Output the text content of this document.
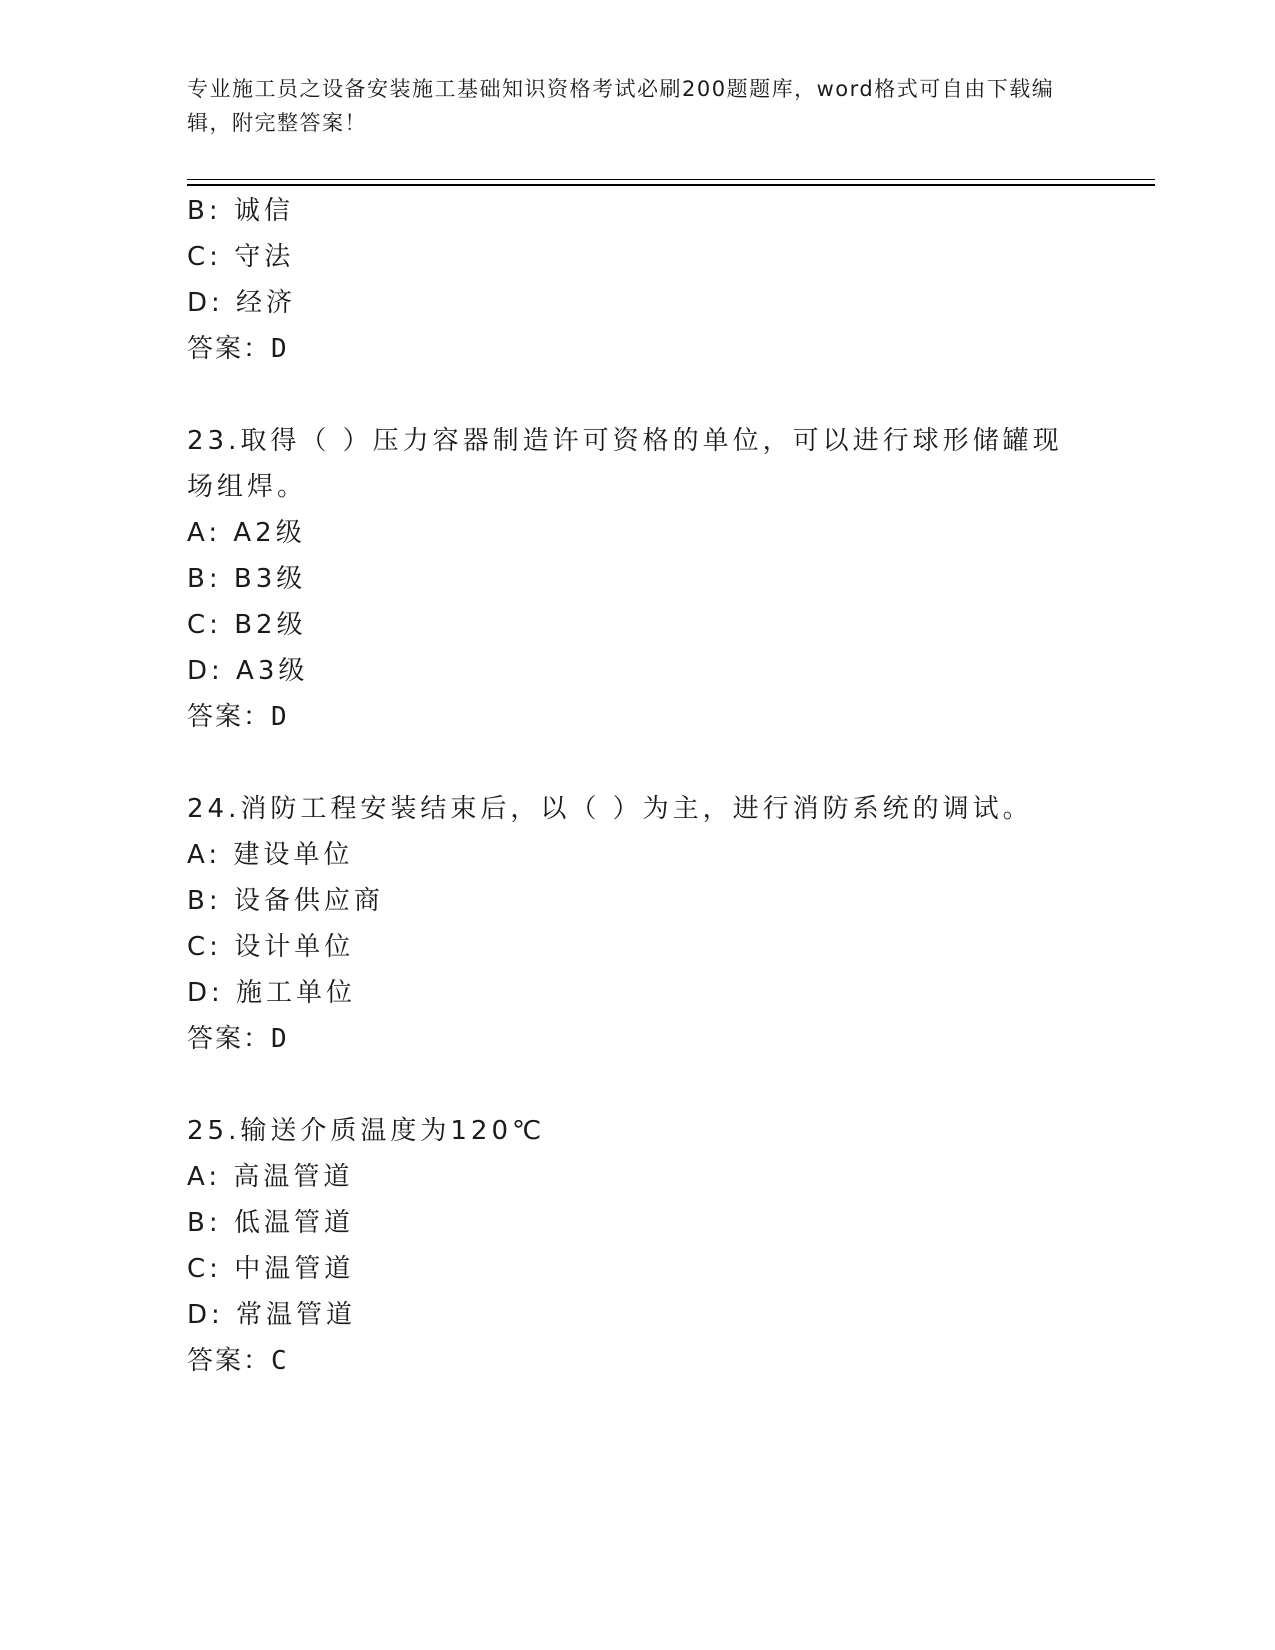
专业施工员之设备安装施工基础知识资格考试必刷200题题库，word格式可自由下载编辑，附完整答案！
B: 诚信
C: 守法
D: 经济
答案：D
23.取得（ ）压力容器制造许可资格的单位，可以进行球形储罐现场组焊。
A: A2级
B: B3级
C: B2级
D: A3级
答案：D
24.消防工程安装结束后，以（ ）为主，进行消防系统的调试。
A: 建设单位
B: 设备供应商
C: 设计单位
D: 施工单位
答案：D
25.输送介质温度为120℃
A: 高温管道
B: 低温管道
C: 中温管道
D: 常温管道
答案：C
